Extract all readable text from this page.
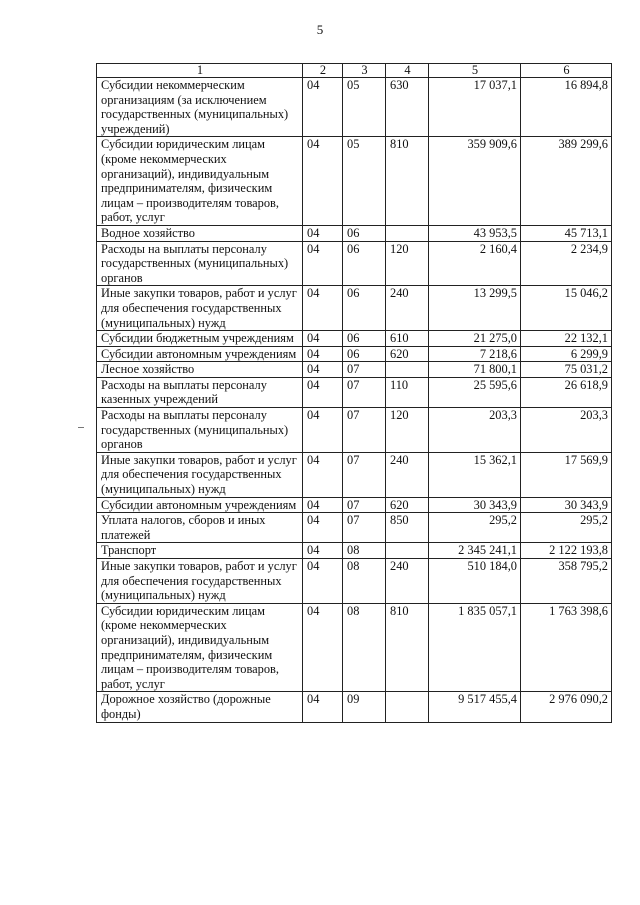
5
1	2	3	4	5	6
Субсидии некоммерческим организациям (за исключением государственных (муниципальных) учреждений)	04	05	630	17 037,1	16 894,8
Субсидии юридическим лицам (кроме некоммерческих организаций), индивидуальным предпринимателям, физическим лицам – производителям товаров, работ, услуг	04	05	810	359 909,6	389 299,6
Водное хозяйство	04	06		43 953,5	45 713,1
Расходы на выплаты персоналу государственных (муниципальных) органов	04	06	120	2 160,4	2 234,9
Иные закупки товаров, работ и услуг для обеспечения государственных (муниципальных) нужд	04	06	240	13 299,5	15 046,2
Субсидии бюджетным учреждениям	04	06	610	21 275,0	22 132,1
Субсидии автономным учреждениям	04	06	620	7 218,6	6 299,9
Лесное хозяйство	04	07		71 800,1	75 031,2
Расходы на выплаты персоналу казенных учреждений	04	07	110	25 595,6	26 618,9
Расходы на выплаты персоналу государственных (муниципальных) органов	04	07	120	203,3	203,3
Иные закупки товаров, работ и услуг для обеспечения государственных (муниципальных) нужд	04	07	240	15 362,1	17 569,9
Субсидии автономным учреждениям	04	07	620	30 343,9	30 343,9
Уплата налогов, сборов и иных платежей	04	07	850	295,2	295,2
Транспорт	04	08		2 345 241,1	2 122 193,8
Иные закупки товаров, работ и услуг для обеспечения государственных (муниципальных) нужд	04	08	240	510 184,0	358 795,2
Субсидии юридическим лицам (кроме некоммерческих организаций), индивидуальным предпринимателям, физическим лицам – производителям товаров, работ, услуг	04	08	810	1 835 057,1	1 763 398,6
Дорожное хозяйство (дорожные фонды)	04	09		9 517 455,4	2 976 090,2
